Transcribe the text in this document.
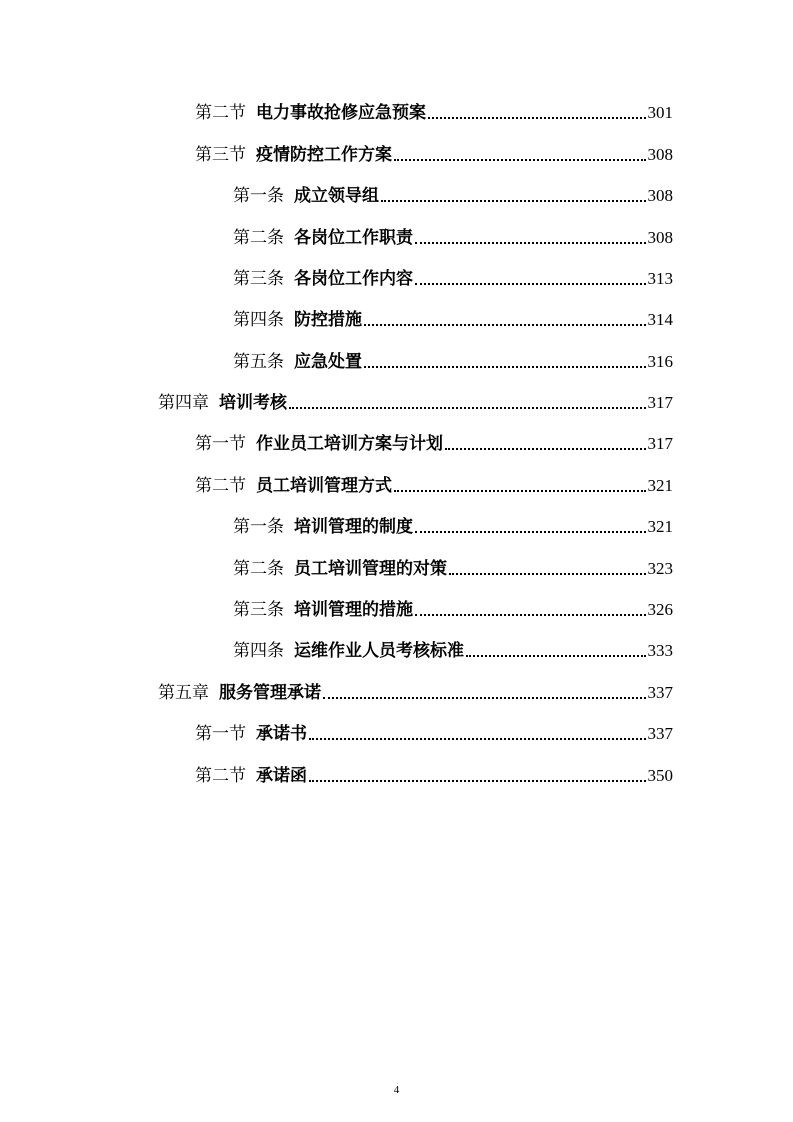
第二节 电力事故抢修应急预案	301
第三节 疫情防控工作方案	308
第一条 成立领导组	308
第二条 各岗位工作职责	308
第三条 各岗位工作内容	313
第四条 防控措施	314
第五条 应急处置	316
第四章 培训考核	317
第一节 作业员工培训方案与计划	317
第二节 员工培训管理方式	321
第一条 培训管理的制度	321
第二条 员工培训管理的对策	323
第三条 培训管理的措施	326
第四条 运维作业人员考核标准	333
第五章 服务管理承诺	337
第一节 承诺书	337
第二节 承诺函	350
4
